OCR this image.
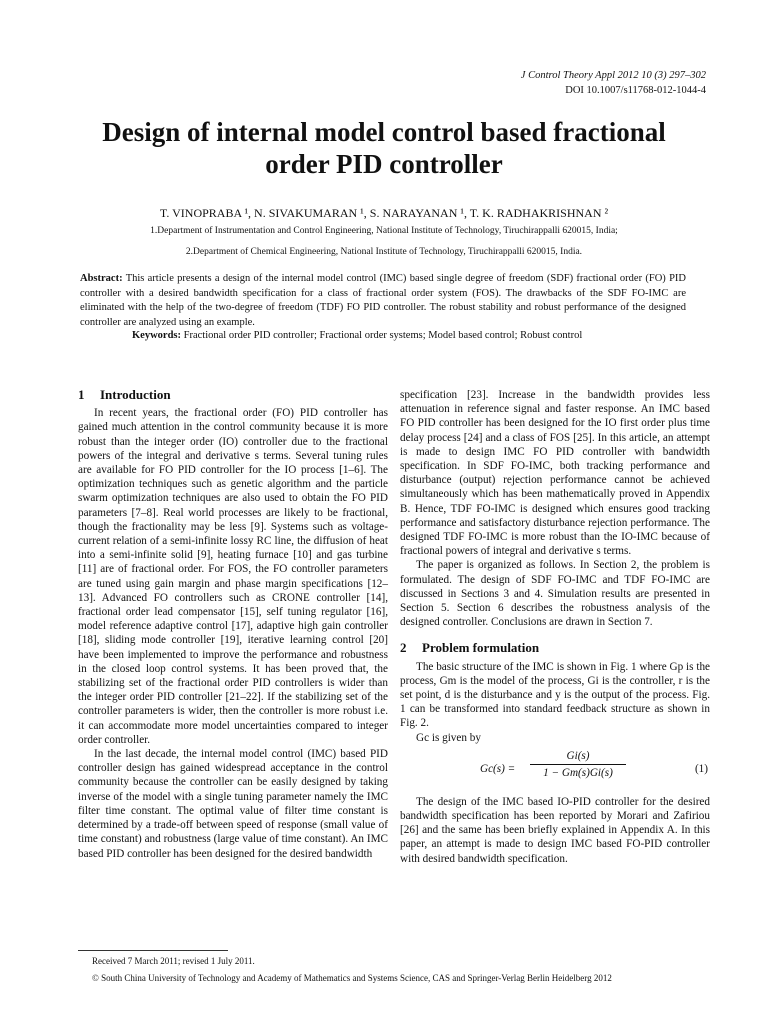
J Control Theory Appl 2012 10 (3) 297–302
DOI 10.1007/s11768-012-1044-4
Design of internal model control based fractional
order PID controller
T. VINOPRABA ¹, N. SIVAKUMARAN ¹, S. NARAYANAN ¹, T. K. RADHAKRISHNAN ²
1.Department of Instrumentation and Control Engineering, National Institute of Technology, Tiruchirappalli 620015, India;
2.Department of Chemical Engineering, National Institute of Technology, Tiruchirappalli 620015, India.
Abstract: This article presents a design of the internal model control (IMC) based single degree of freedom (SDF) fractional order (FO) PID controller with a desired bandwidth specification for a class of fractional order system (FOS). The drawbacks of the SDF FO-IMC are eliminated with the help of the two-degree of freedom (TDF) FO PID controller. The robust stability and robust performance of the designed controller are analyzed using an example.
Keywords: Fractional order PID controller; Fractional order systems; Model based control; Robust control
1 Introduction

In recent years, the fractional order (FO) PID controller has gained much attention in the control community because it is more robust than the integer order (IO) controller due to the fractional powers of the integral and derivative s terms. Several tuning rules are available for FO PID controller for the IO process [1–6]. The optimization techniques such as genetic algorithm and the particle swarm optimization techniques are also used to obtain the FO PID parameters [7–8]. Real world processes are likely to be fractional, though the fractionality may be less [9]. Systems such as voltage-current relation of a semi-infinite lossy RC line, the diffusion of heat into a semi-infinite solid [9], heating furnace [10] and gas turbine [11] are of fractional order. For FOS, the FO controller parameters are tuned using gain margin and phase margin specifications [12–13]. Advanced FO controllers such as CRONE controller [14], fractional order lead compensator [15], self tuning regulator [16], model reference adaptive control [17], adaptive high gain controller [18], sliding mode controller [19], iterative learning control [20] have been implemented to improve the performance and robustness in the closed loop control systems. It has been proved that, the stabilizing set of the fractional order PID controllers is wider than the integer order PID controller [21–22]. If the stabilizing set of the controller parameters is wider, then the controller is more robust i.e. it can accommodate more model uncertainties compared to integer order controller.

In the last decade, the internal model control (IMC) based PID controller design has gained widespread acceptance in the control community because the controller can be easily designed by taking inverse of the model with a single tuning parameter namely the IMC filter time constant. The optimal value of filter time constant is determined by a trade-off between speed of response (small value of time constant) and robustness (large value of time constant). An IMC based PID controller has been designed for the desired bandwidth

specification [23]. Increase in the bandwidth provides less attenuation in reference signal and faster response. An IMC based FO PID controller has been designed for the IO first order plus time delay process [24] and a class of FOS [25]. In this article, an attempt is made to design IMC FO PID controller with bandwidth specification. In SDF FO-IMC, both tracking performance and disturbance (output) rejection performance cannot be achieved simultaneously which has been mathematically proved in Appendix B. Hence, TDF FO-IMC is designed which ensures good tracking performance and satisfactory disturbance rejection performance. The designed TDF FO-IMC is more robust than the IO-IMC because of fractional powers of integral and derivative s terms.

The paper is organized as follows. In Section 2, the problem is formulated. The design of SDF FO-IMC and TDF FO-IMC are discussed in Sections 3 and 4. Simulation results are presented in Section 5. Section 6 describes the robustness analysis of the designed controller. Conclusions are drawn in Section 7.

2 Problem formulation

The basic structure of the IMC is shown in Fig. 1 where Gp is the process, Gm is the model of the process, Gi is the controller, r is the set point, d is the disturbance and y is the output of the process. Fig. 1 can be transformed into standard feedback structure as shown in Fig. 2.

Gc is given by

$Gc(s) = \frac{Gi(s)}{1 - Gm(s)Gi(s)}$	(1)

The design of the IMC based IO-PID controller for the desired bandwidth specification has been reported by Morari and Zafiriou [26] and the same has been briefly explained in Appendix A. In this paper, an attempt is made to design IMC based FO-PID controller with desired bandwidth specification.

Received 7 March 2011; revised 1 July 2011.
© South China University of Technology and Academy of Mathematics and Systems Science, CAS and Springer-Verlag Berlin Heidelberg 2012
